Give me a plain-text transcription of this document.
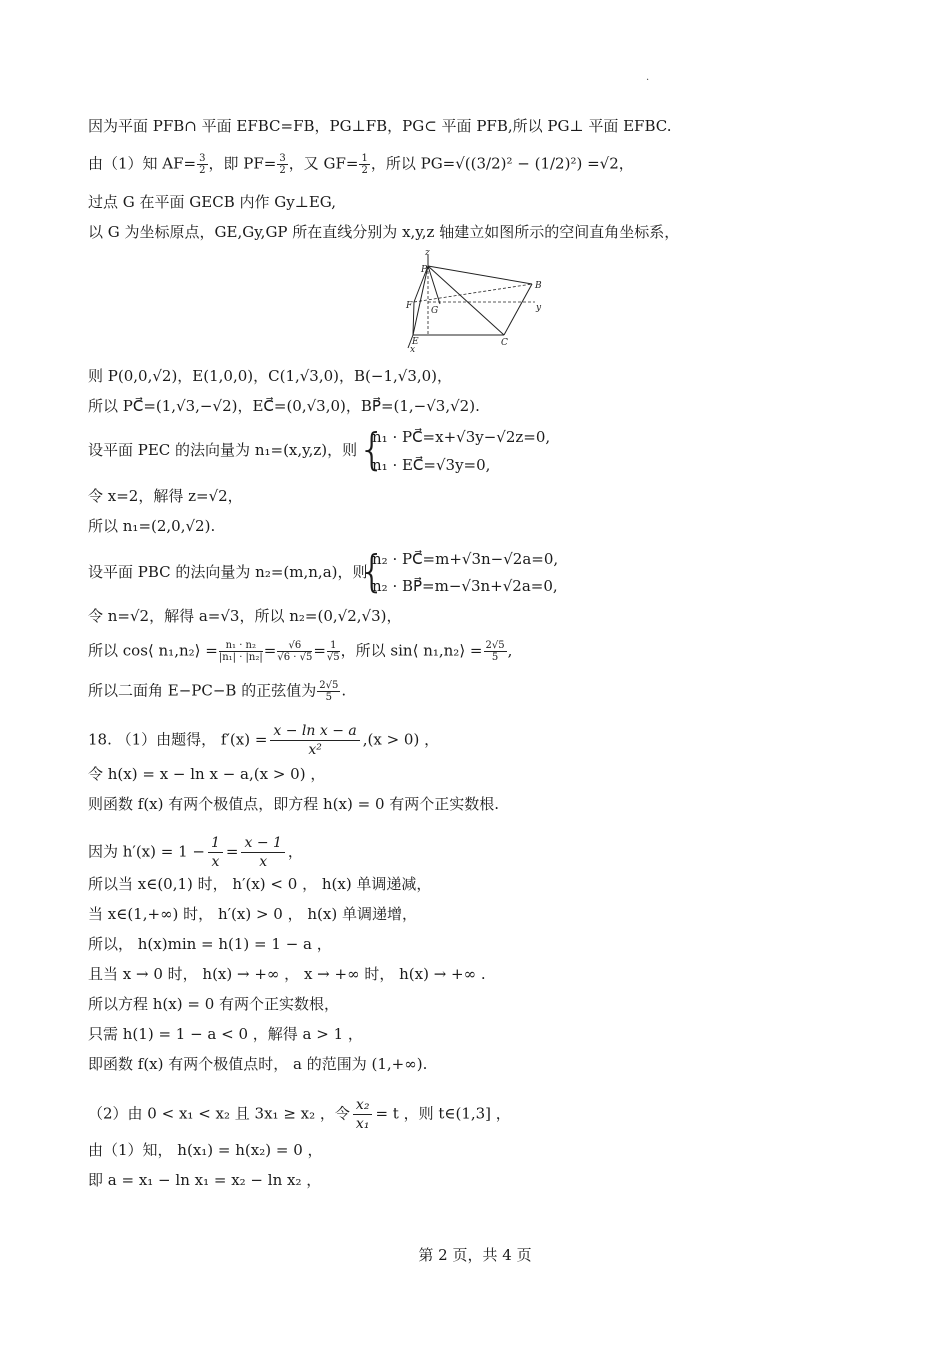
.
因为平面 PFB∩ 平面 EFBC=FB，PG⊥FB，PG⊂ 平面 PFB,所以 PG⊥ 平面 EFBC.
由（1）知 $AF= \frac{3}{2}$ ，即 $PF= \frac{3}{2}$ ，又 $GF= \frac{1}{2}$ ，所以 PG=√((3/2)² − (1/2)²) =√2，
过点 G 在平面 GECB 内作 Gy⊥EG,
以 G 为坐标原点，GE,Gy,GP 所在直线分别为 x,y,z 轴建立如图所示的空间直角坐标系，
z
P
B
F G	y
E	C
x
则 P(0,0,√2)，E(1,0,0)，C(1,√3,0)，B(−1,√3,0)，
所以 PC⃗=(1,√3,−√2)，EC⃗=(0,√3,0)，BP⃗=(1,−√3,√2).
设平面 PEC 的法向量为 n₁=(x,y,z)，则 {
n₁ · PC⃗=x+√3y−√2z=0,
n₁ · EC⃗=√3y=0,
令 x=2，解得 z=√2，
所以 n₁=(2,0,√2).
设平面 PBC 的法向量为 n₂=(m,n,a)，则
{
n₂ · PC⃗=m+√3n−√2a=0,
n₂ · BP⃗=m−√3n+√2a=0,
令 n=√2，解得 a=√3，所以 n₂=(0,√2,√3)，
所以 cos⟨ n₁,n₂⟩ = $\frac{\text{n₁ · n₂}}{\text{|n₁| · |n₂|}} = \frac{√6}{√6 \cdot √5} = \frac{1}{√5}$ ，所以 sin⟨ n₁,n₂⟩ = $\frac{2√5}{5}$ ,
所以二面角 E−PC−B 的正弦值为 $\frac{2√5}{5}$ .
18. （1）由题得， $f'(x) = \frac{\text{x − ln x − a}}{\text{x²}} ,(x > 0)$ ，
令 h(x) = x − ln x − a,(x > 0) ，
则函数 f(x) 有两个极值点，即方程 h(x) = 0 有两个正实数根.
因为 $h'(x) = 1 - \frac{1}{x} = \frac{x - 1}{x}$ ，
所以当 x∈(0,1) 时， h′(x) < 0 ， h(x) 单调递减，
当 x∈(1,+∞) 时， h′(x) > 0 ， h(x) 单调递增，
所以， h(x)min = h(1) = 1 − a ，
且当 x → 0 时， h(x) → +∞ ， x → +∞ 时， h(x) → +∞ .
所以方程 h(x) = 0 有两个正实数根，
只需 h(1) = 1 − a < 0 ，解得 a > 1 ，
即函数 f(x) 有两个极值点时， a 的范围为 (1,+∞).
（2）由 0 < x₁ < x₂ 且 3x₁ ≥ x₂ ，令 $\frac{\text{x₂}}{\text{x₁}} = t$ ，则 t∈(1,3] ，
由（1）知， h(x₁) = h(x₂) = 0 ，
即 a = x₁ − ln x₁ = x₂ − ln x₂ ，
第 2 页，共 4 页
